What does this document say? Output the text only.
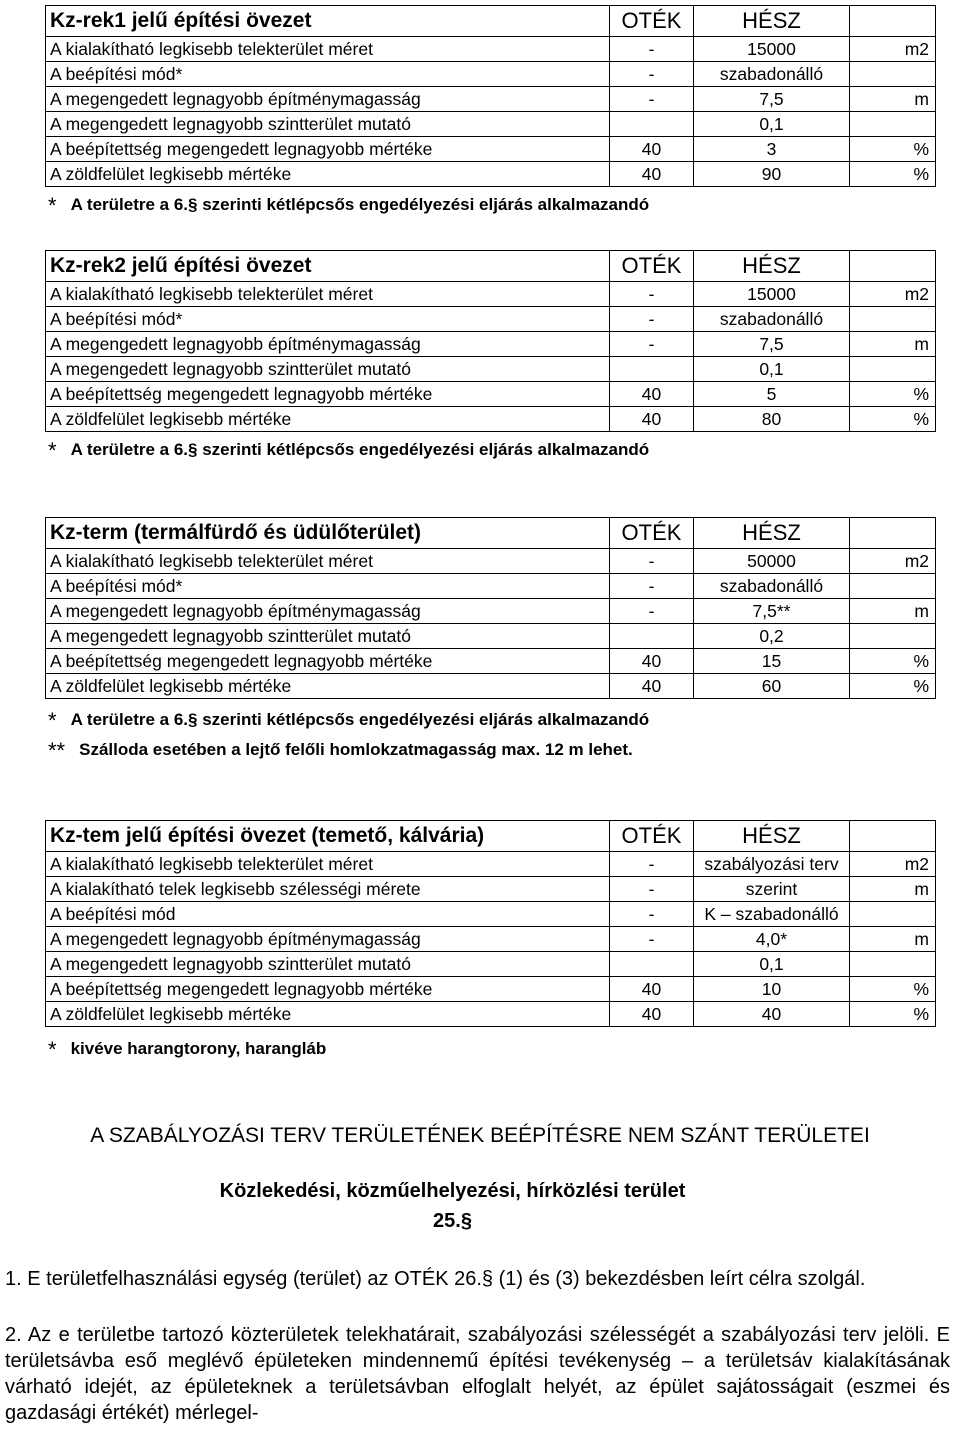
Kz-rek1 jelű építési övezet	OTÉK	HÉSZ	
A kialakítható legkisebb telekterület méret	-	15000	m2
A beépítési mód*	-	szabadonálló	
A megengedett legnagyobb építménymagasság	-	7,5	m
A megengedett legnagyobb szintterület mutató		0,1	
A beépítettség megengedett legnagyobb mértéke	40	3	%
A zöldfelület legkisebb mértéke	40	90	%
* A területre a 6.§ szerinti kétlépcsős engedélyezési eljárás alkalmazandó
Kz-rek2 jelű építési övezet	OTÉK	HÉSZ	
A kialakítható legkisebb telekterület méret	-	15000	m2
A beépítési mód*	-	szabadonálló	
A megengedett legnagyobb építménymagasság	-	7,5	m
A megengedett legnagyobb szintterület mutató		0,1	
A beépítettség megengedett legnagyobb mértéke	40	5	%
A zöldfelület legkisebb mértéke	40	80	%
* A területre a 6.§ szerinti kétlépcsős engedélyezési eljárás alkalmazandó
Kz-term (termálfürdő és üdülőterület)	OTÉK	HÉSZ	
A kialakítható legkisebb telekterület méret	-	50000	m2
A beépítési mód*	-	szabadonálló	
A megengedett legnagyobb építménymagasság	-	7,5**	m
A megengedett legnagyobb szintterület mutató		0,2	
A beépítettség megengedett legnagyobb mértéke	40	15	%
A zöldfelület legkisebb mértéke	40	60	%
* A területre a 6.§ szerinti kétlépcsős engedélyezési eljárás alkalmazandó
** Szálloda esetében a lejtő felőli homlokzatmagasság max. 12 m lehet.
Kz-tem jelű építési övezet (temető, kálvária)	OTÉK	HÉSZ	
A kialakítható legkisebb telekterület méret	-	szabályozási terv	m2
A kialakítható telek legkisebb szélességi mérete	-	szerint	m
A beépítési mód	-	K – szabadonálló	
A megengedett legnagyobb építménymagasság	-	4,0*	m
A megengedett legnagyobb szintterület mutató		0,1	
A beépítettség megengedett legnagyobb mértéke	40	10	%
A zöldfelület legkisebb mértéke	40	40	%
* kivéve harangtorony, harangláb
A SZABÁLYOZÁSI TERV TERÜLETÉNEK BEÉPÍTÉSRE NEM SZÁNT TERÜLETEI
Közlekedési, közműelhelyezési, hírközlési terület
25.§
1. E területfelhasználási egység (terület) az OTÉK 26.§ (1) és (3) bekezdésben leírt célra szolgál.
2. Az e területbe tartozó közterületek telekhatárait, szabályozási szélességét a szabályozási terv jelöli. E területsávba eső meglévő épületeken mindennemű építési tevékenység – a területsáv kialakításának várható idejét, az épületeknek a területsávban elfoglalt helyét, az épület sajátosságait (eszmei és gazdasági értékét) mérlegel-
